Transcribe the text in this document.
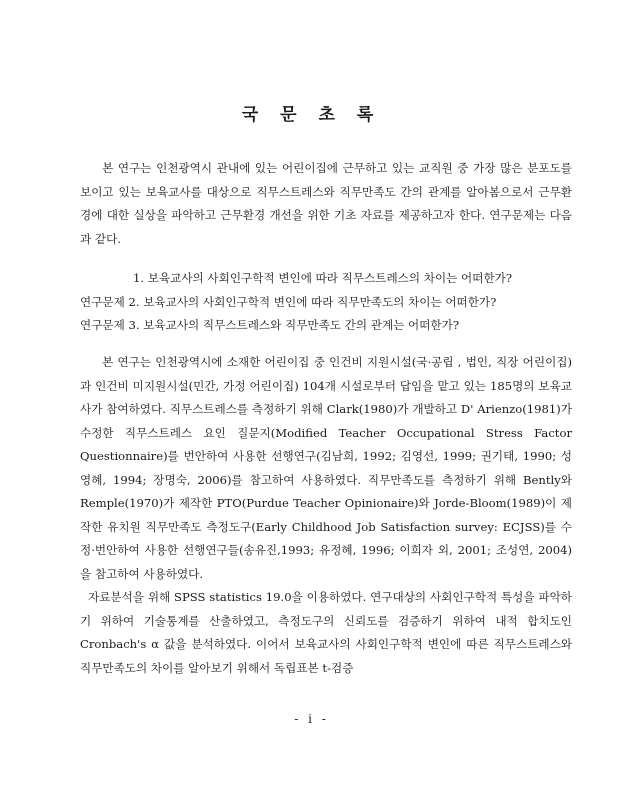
국 문 초 록

본 연구는 인천광역시 관내에 있는 어린이집에 근무하고 있는 교직원 중 가장 많은 분포도를 보이고 있는 보육교사를 대상으로 직무스트레스와 직무만족도 간의 관계를 알아봄으로서 근무환경에 대한 실상을 파악하고 근무환경 개선을 위한 기초 자료를 제공하고자 한다. 연구문제는 다음과 같다.

1. 보육교사의 사회인구학적 변인에 따라 직무스트레스의 차이는 어떠한가?
연구문제 2. 보육교사의 사회인구학적 변인에 따라 직무만족도의 차이는 어떠한가?
연구문제 3. 보육교사의 직무스트레스와 직무만족도 간의 관계는 어떠한가?

본 연구는 인천광역시에 소재한 어린이집 중 인건비 지원시설(국·공립 , 법인, 직장 어린이집)과 인건비 미지원시설(민간, 가정 어린이집) 104개 시설로부터 답임을 맡고 있는 185명의 보육교사가 참여하였다. 직무스트레스를 측정하기 위해 Clark(1980)가 개발하고 D' Arienzo(1981)가 수정한 직무스트레스 요인 질문지(Modified Teacher Occupational Stress Factor Questionnaire)를 번안하여 사용한 선행연구(김남희, 1992; 김영선, 1999; 권기태, 1990; 성영혜, 1994; 장명숙, 2006)를 참고하여 사용하였다. 직무만족도를 측정하기 위해 Bently와 Remple(1970)가 제작한 PTO(Purdue Teacher Opinionaire)와 Jorde-Bloom(1989)이 제작한 유치원 직무만족도 측정도구(Early Childhood Job Satisfaction survey: ECJSS)를 수정·번안하여 사용한 선행연구들(송유진,1993; 유정혜, 1996; 이희자 외, 2001; 조성연, 2004)을 참고하여 사용하였다.

자료분석을 위해 SPSS statistics 19.0을 이용하였다. 연구대상의 사회인구학적 특성을 파악하기 위하여 기술통계를 산출하였고, 측정도구의 신뢰도를 검증하기 위하여 내적 합치도인 Cronbach's α 값을 분석하였다. 이어서 보육교사의 사회인구학적 변인에 따른 직무스트레스와 직무만족도의 차이를 알아보기 위해서 독립표본 t-검증

- i -
